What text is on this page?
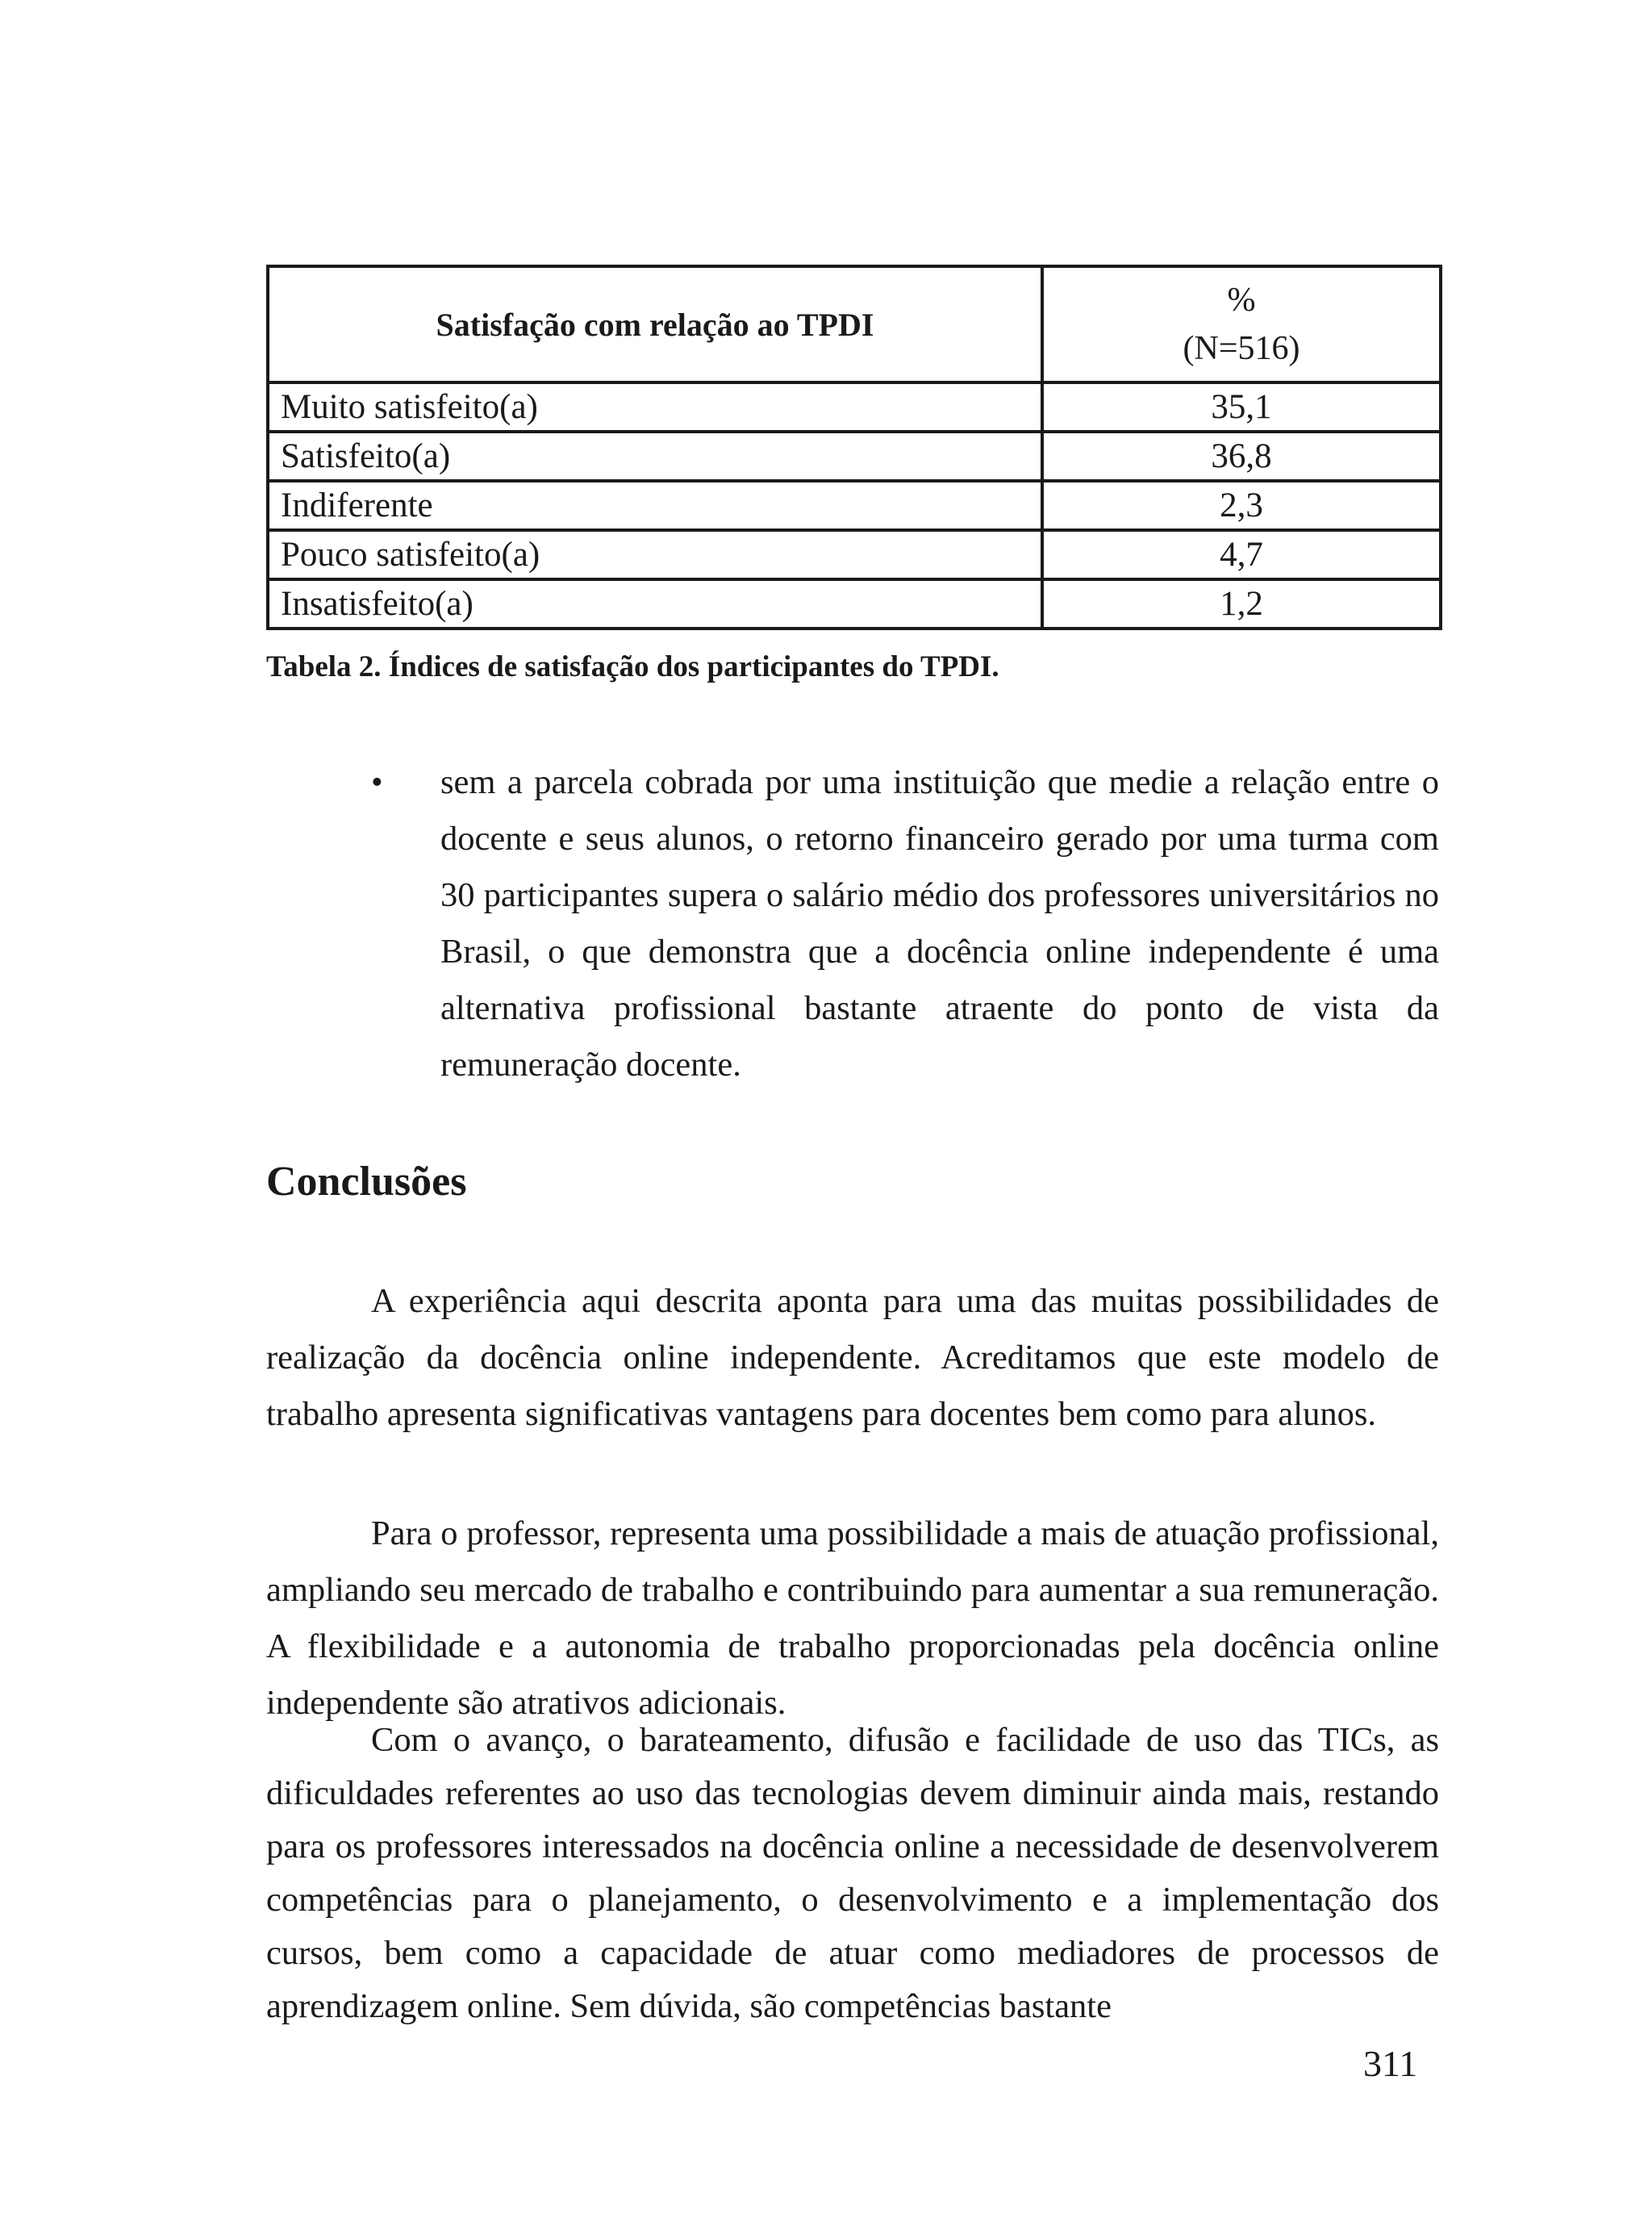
Satisfação com relação ao TPDI	%
(N=516)

Muito satisfeito(a)	35,1
Satisfeito(a)	36,8
Indiferente	2,3
Pouco satisfeito(a)	4,7
Insatisfeito(a)	1,2
Tabela 2. Índices de satisfação dos participantes do TPDI.
• sem a parcela cobrada por uma instituição que medie a relação entre o docente e seus alunos, o retorno financeiro gerado por uma turma com 30 participantes supera o salário médio dos professores universitários no Brasil, o que demonstra que a docência online independente é uma alternativa profissional bastante atraente do ponto de vista da remuneração docente.

Conclusões

A experiência aqui descrita aponta para uma das muitas possibilidades de realização da docência online independente. Acreditamos que este modelo de trabalho apresenta significativas vantagens para docentes bem como para alunos.

Para o professor, representa uma possibilidade a mais de atuação profissional, ampliando seu mercado de trabalho e contribuindo para aumentar a sua remuneração. A flexibilidade e a autonomia de trabalho proporcionadas pela docência online independente são atrativos adicionais.

Com o avanço, o barateamento, difusão e facilidade de uso das TICs, as dificuldades referentes ao uso das tecnologias devem diminuir ainda mais, restando para os professores interessados na docência online a necessidade de desenvolverem competências para o planejamento, o desenvolvimento e a implementação dos cursos, bem como a capacidade de atuar como mediadores de processos de aprendizagem online. Sem dúvida, são competências bastante

311
